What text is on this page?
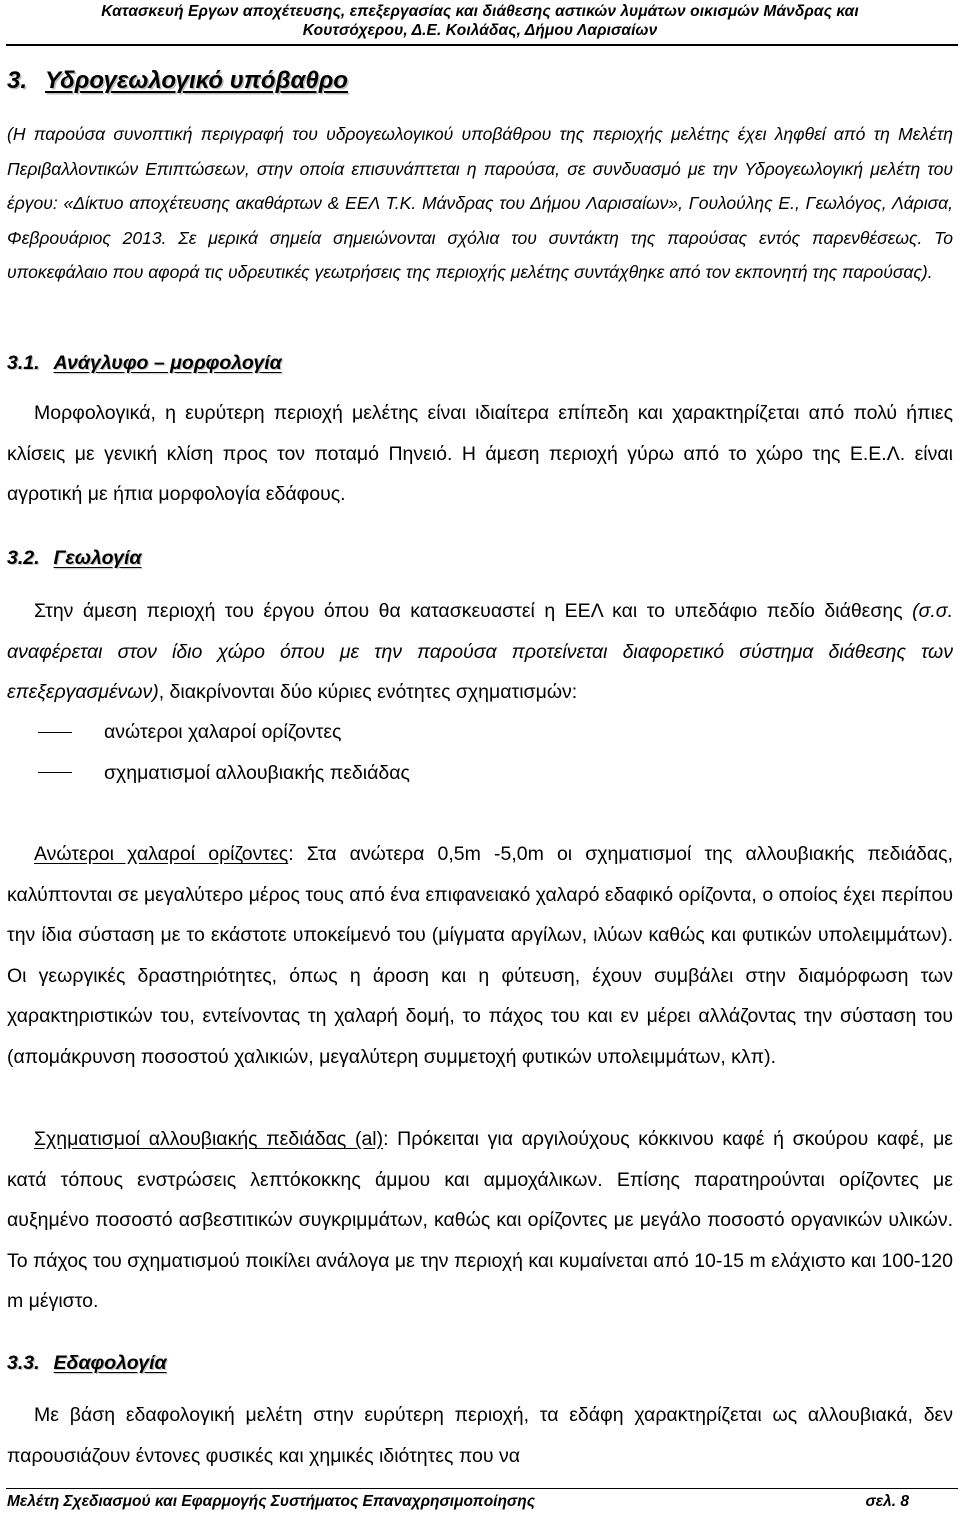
Κατασκευή Εργων αποχέτευσης, επεξεργασίας και διάθεσης αστικών λυμάτων οικισμών Μάνδρας και
Κουτσόχερου, Δ.Ε. Κοιλάδας, Δήμου Λαρισαίων
3. Υδρογεωλογικό υπόβαθρο
(Η παρούσα συνοπτική περιγραφή του υδρογεωλογικού υποβάθρου της περιοχής μελέτης έχει ληφθεί από τη Μελέτη Περιβαλλοντικών Επιπτώσεων, στην οποία επισυνάπτεται η παρούσα, σε συνδυασμό με την Υδρογεωλογική μελέτη του έργου: «Δίκτυο αποχέτευσης ακαθάρτων & ΕΕΛ Τ.Κ. Μάνδρας του Δήμου Λαρισαίων», Γουλούλης Ε., Γεωλόγος, Λάρισα, Φεβρουάριος 2013. Σε μερικά σημεία σημειώνονται σχόλια του συντάκτη της παρούσας εντός παρενθέσεως. Το υποκεφάλαιο που αφορά τις υδρευτικές γεωτρήσεις της περιοχής μελέτης συντάχθηκε από τον εκπονητή της παρούσας).
3.1. Ανάγλυφο – μορφολογία
Μορφολογικά, η ευρύτερη περιοχή μελέτης είναι ιδιαίτερα επίπεδη και χαρακτηρίζεται από πολύ ήπιες κλίσεις με γενική κλίση προς τον ποταμό Πηνειό. Η άμεση περιοχή γύρω από το χώρο της Ε.Ε.Λ. είναι αγροτική με ήπια μορφολογία εδάφους.
3.2. Γεωλογία
Στην άμεση περιοχή του έργου όπου θα κατασκευαστεί η ΕΕΛ και το υπεδάφιο πεδίο διάθεσης (σ.σ. αναφέρεται στον ίδιο χώρο όπου με την παρούσα προτείνεται διαφορετικό σύστημα διάθεσης των επεξεργασμένων), διακρίνονται δύο κύριες ενότητες σχηματισμών:
ανώτεροι χαλαροί ορίζοντες
σχηματισμοί αλλουβιακής πεδιάδας
Ανώτεροι χαλαροί ορίζοντες: Στα ανώτερα 0,5m -5,0m οι σχηματισμοί της αλλουβιακής πεδιάδας, καλύπτονται σε μεγαλύτερο μέρος τους από ένα επιφανειακό χαλαρό εδαφικό ορίζοντα, ο οποίος έχει περίπου την ίδια σύσταση με το εκάστοτε υποκείμενό του (μίγματα αργίλων, ιλύων καθώς και φυτικών υπολειμμάτων). Οι γεωργικές δραστηριότητες, όπως η άροση και η φύτευση, έχουν συμβάλει στην διαμόρφωση των χαρακτηριστικών του, εντείνοντας τη χαλαρή δομή, το πάχος του και εν μέρει αλλάζοντας την σύσταση του (απομάκρυνση ποσοστού χαλικιών, μεγαλύτερη συμμετοχή φυτικών υπολειμμάτων, κλπ).
Σχηματισμοί αλλουβιακής πεδιάδας (al): Πρόκειται για αργιλούχους κόκκινου καφέ ή σκούρου καφέ, με κατά τόπους ενστρώσεις λεπτόκοκκης άμμου και αμμοχάλικων. Επίσης παρατηρούνται ορίζοντες με αυξημένο ποσοστό ασβεστιτικών συγκριμμάτων, καθώς και ορίζοντες με μεγάλο ποσοστό οργανικών υλικών. Το πάχος του σχηματισμού ποικίλει ανάλογα με την περιοχή και κυμαίνεται από 10-15 m ελάχιστο και 100-120 m μέγιστο.
3.3. Εδαφολογία
Με βάση εδαφολογική μελέτη στην ευρύτερη περιοχή, τα εδάφη χαρακτηρίζεται ως αλλουβιακά, δεν παρουσιάζουν έντονες φυσικές και χημικές ιδιότητες που να
Μελέτη Σχεδιασμού και Εφαρμογής Συστήματος Επαναχρησιμοποίησης	σελ. 8
